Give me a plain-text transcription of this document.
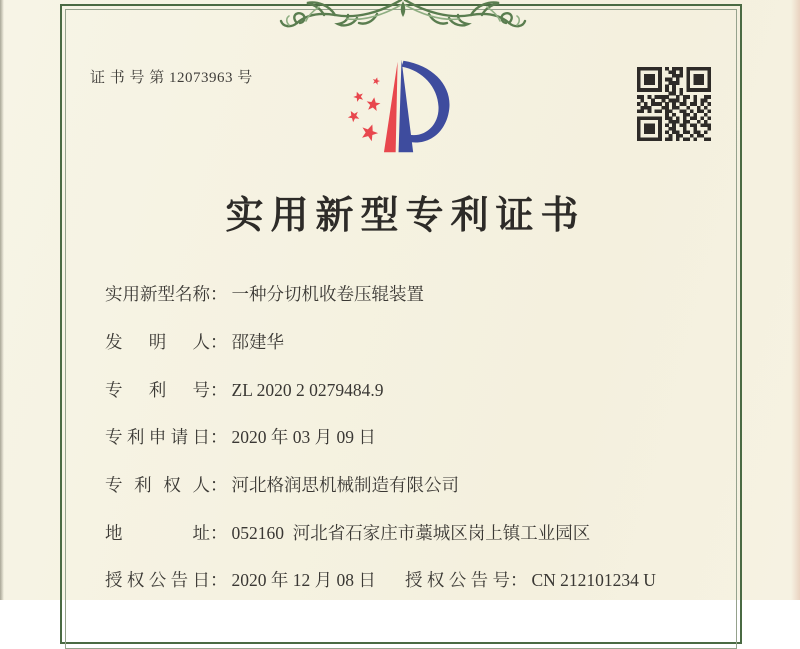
证 书 号 第 12073963 号
实用新型专利证书
实用新型名称： 一种分切机收卷压辊装置
发明人： 邵建华
专利号： ZL 2020 2 0279484.9
专利申请日： 2020 年 03 月 09 日
专利权人： 河北格润思机械制造有限公司
地址： 052160  河北省石家庄市藁城区岗上镇工业园区
授权公告日： 2020 年 12 月 08 日 授权公告号： CN 212101234 U
